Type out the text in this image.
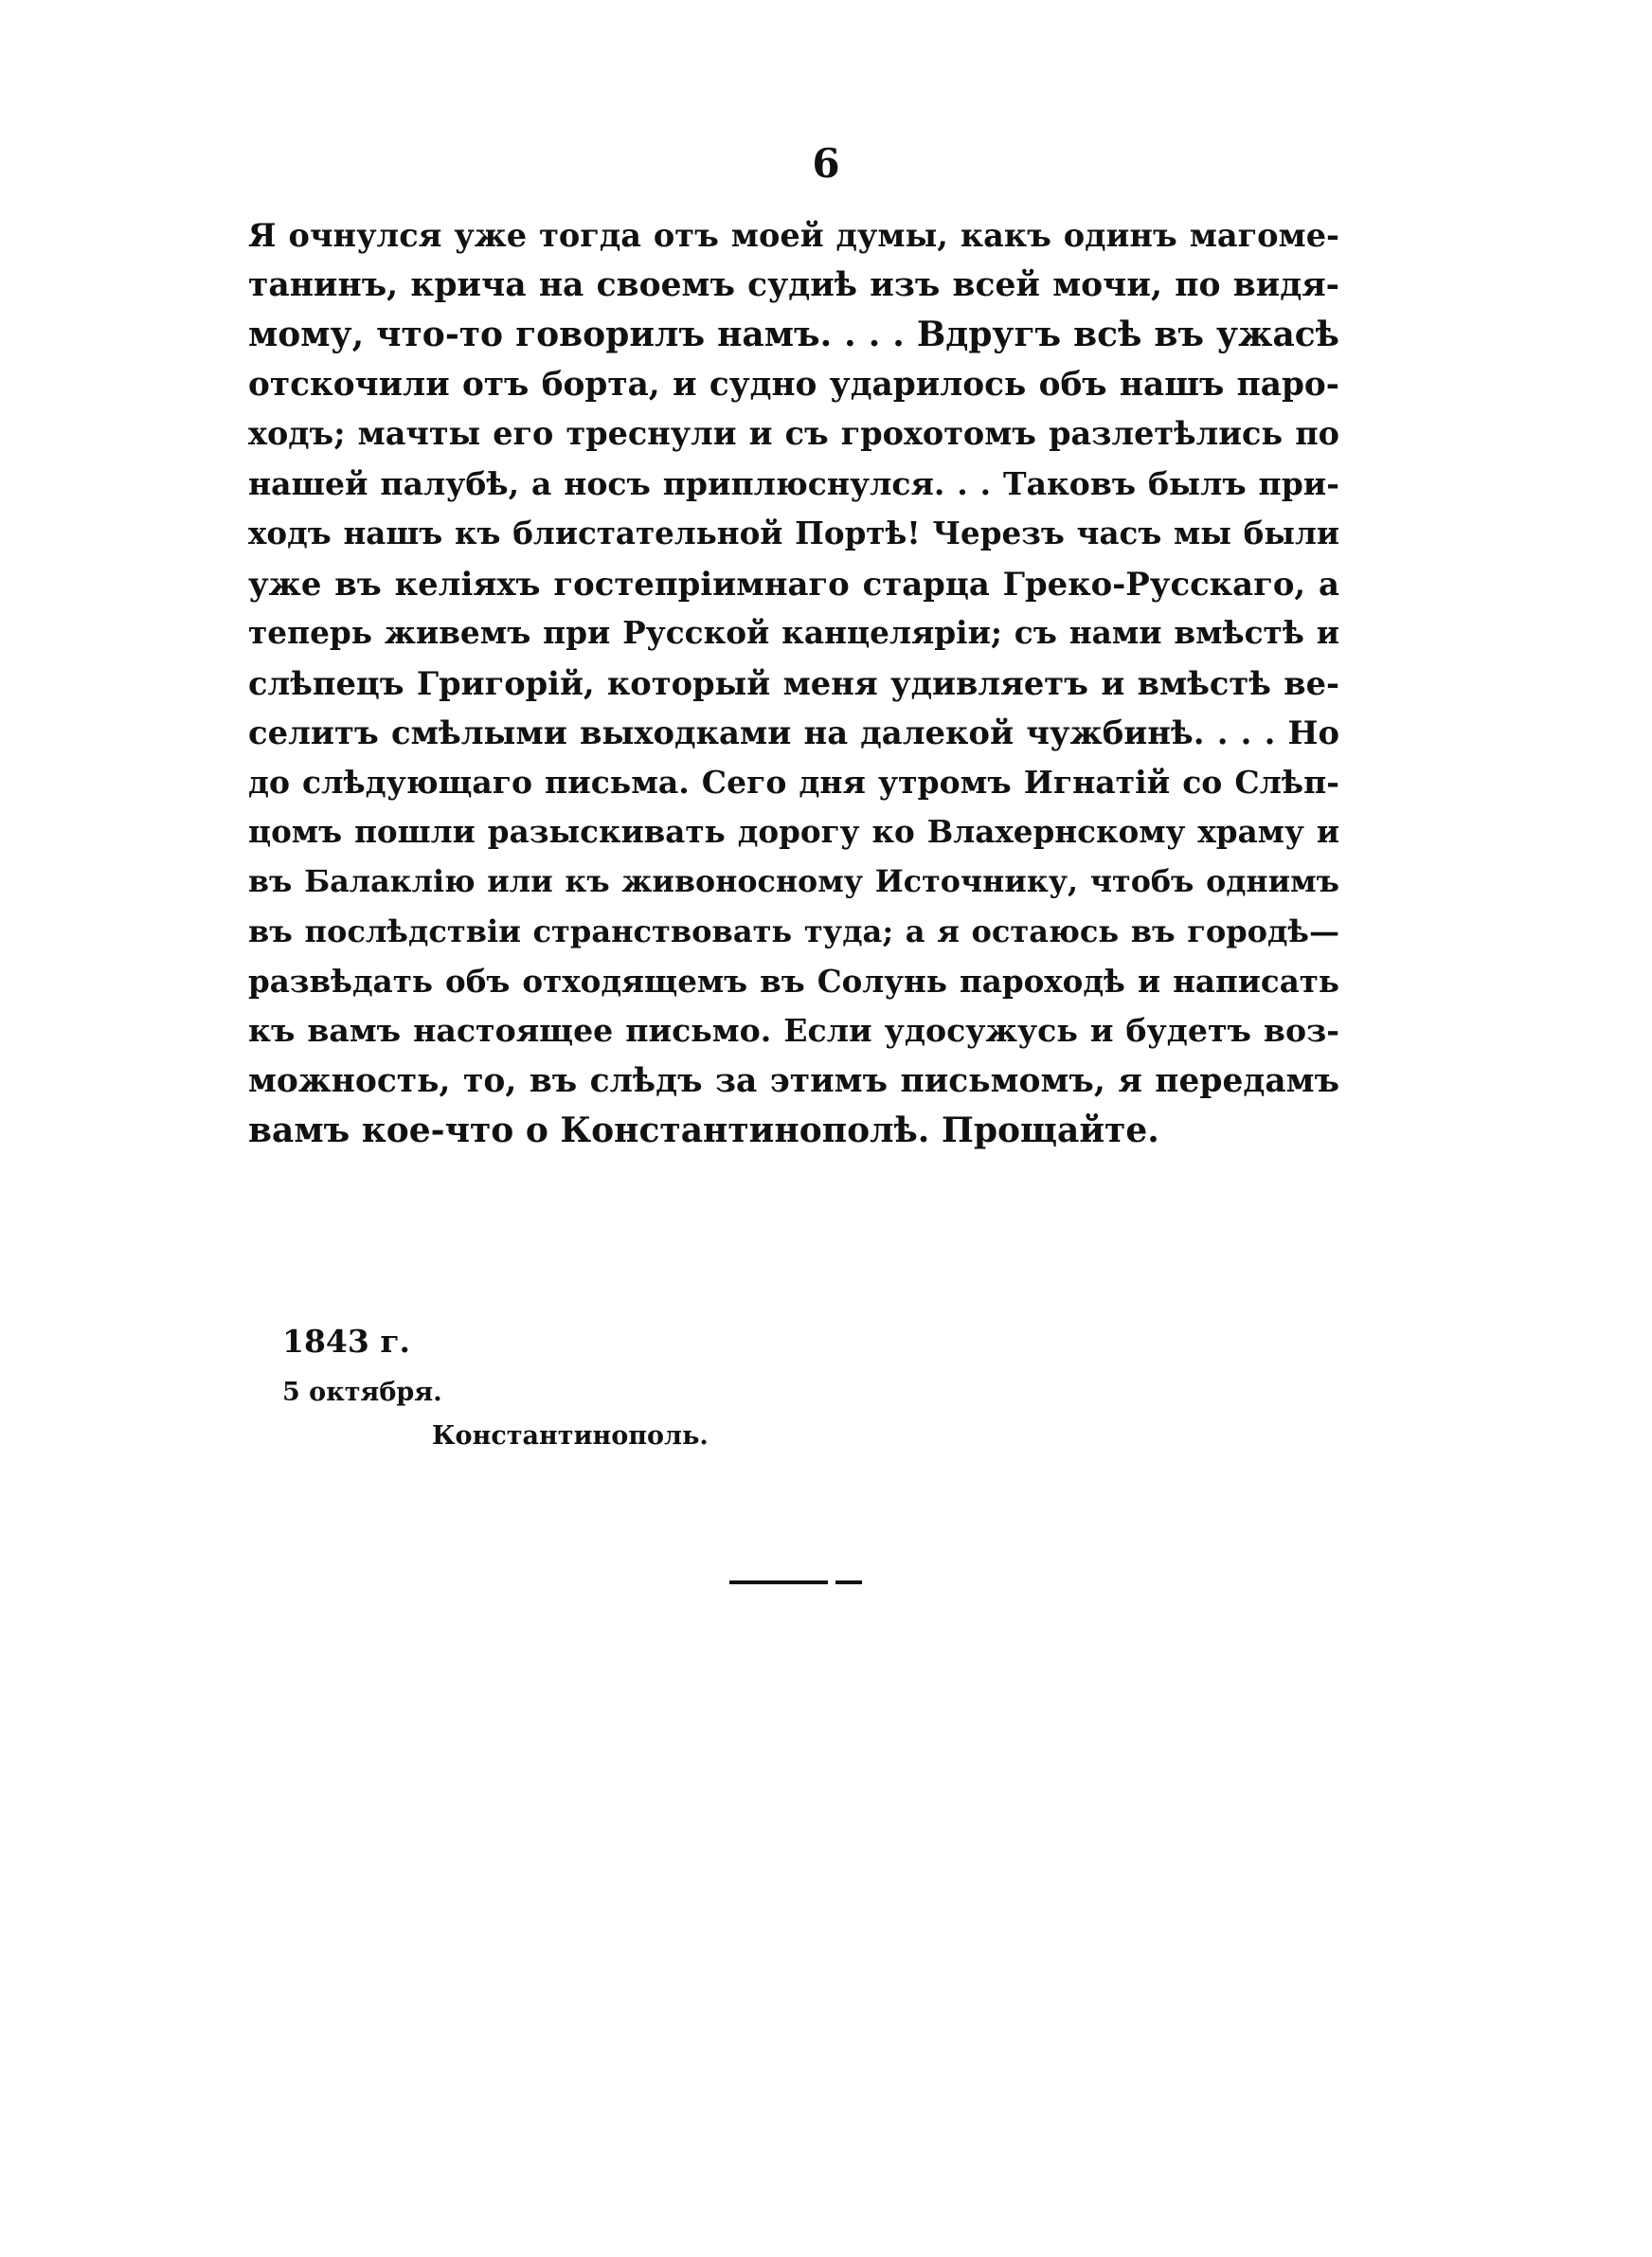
6
Я очнулся уже тогда отъ моей думы, какъ одинъ магоме-
танинъ, крича на своемъ судиѣ изъ всей мочи, по видя-
мому, что-то говорилъ намъ. . . . Вдругъ всѣ въ ужасѣ
отскочили отъ борта, и судно ударилось объ нашъ паро-
ходъ; мачты его треснули и съ грохотомъ разлетѣлись по
нашей палубѣ, а носъ приплюснулся. . . Таковъ былъ при-
ходъ нашъ къ блистательной Портѣ! Черезъ часъ мы были
уже въ келіяхъ гостепріимнаго старца Греко-Русскаго, а
теперь живемъ при Русской канцеляріи; съ нами вмѣстѣ и
слѣпецъ Григорій, который меня удивляетъ и вмѣстѣ ве-
селитъ смѣлыми выходками на далекой чужбинѣ. . . . Но
до слѣдующаго письма. Сего дня утромъ Игнатій со Слѣп-
цомъ пошли разыскивать дорогу ко Влахернскому храму и
въ Балаклію или къ живоносному Источнику, чтобъ однимъ
въ послѣдствіи странствовать туда; а я остаюсь въ городѣ—
развѣдать объ отходящемъ въ Солунь пароходѣ и написать
къ вамъ настоящее письмо. Если удосужусь и будетъ воз-
можность, то, въ слѣдъ за этимъ письмомъ, я передамъ
вамъ кое-что о Константинополѣ. Прощайте.
1843 г.
5 октября.
Константинополь.
